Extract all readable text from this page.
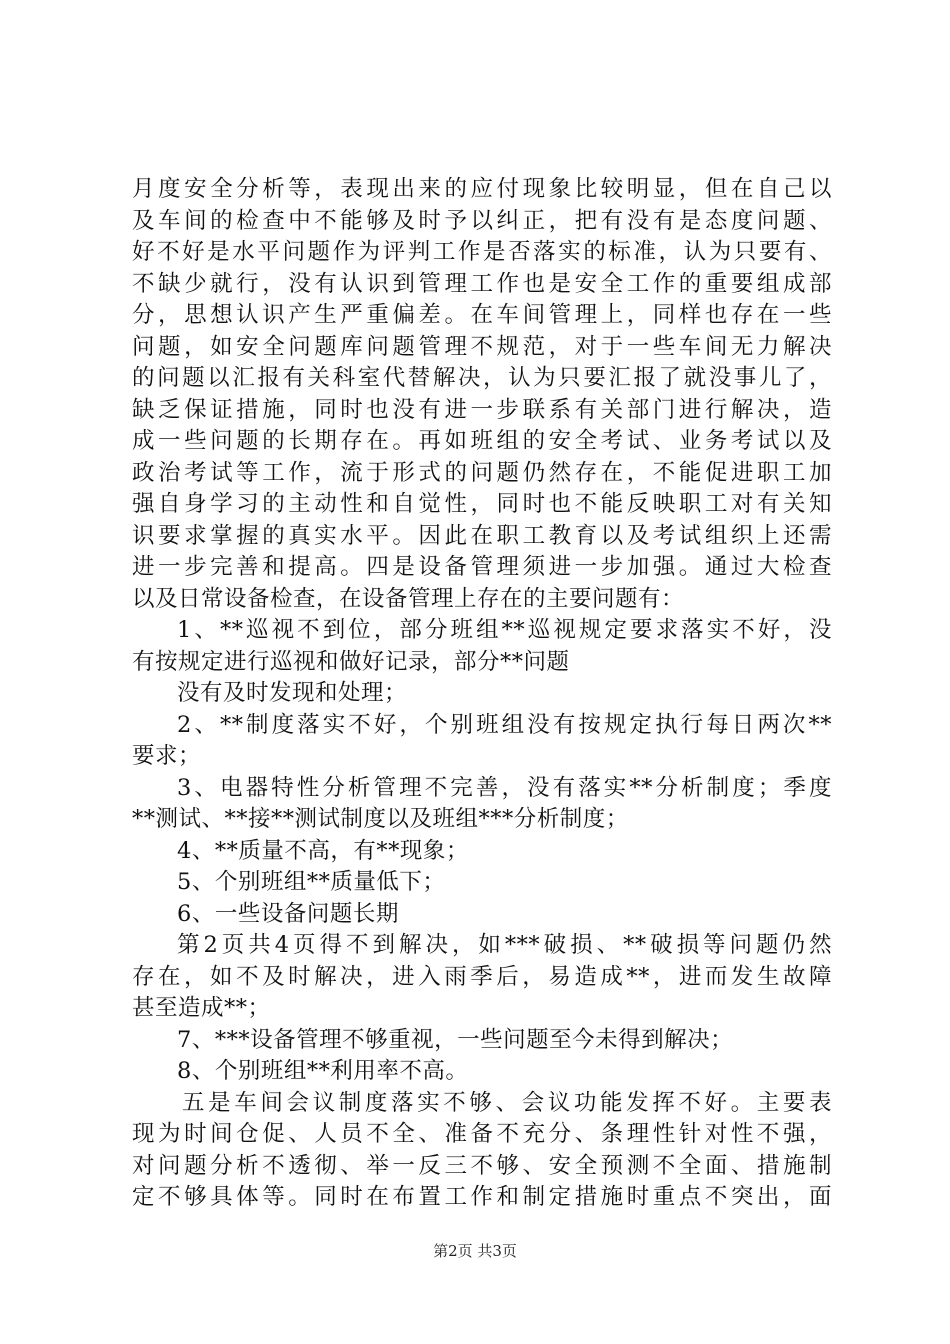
月度安全分析等，表现出来的应付现象比较明显，但在自己以
及车间的检查中不能够及时予以纠正，把有没有是态度问题、
好不好是水平问题作为评判工作是否落实的标准，认为只要有、
不缺少就行，没有认识到管理工作也是安全工作的重要组成部
分，思想认识产生严重偏差。在车间管理上，同样也存在一些
问题，如安全问题库问题管理不规范，对于一些车间无力解决
的问题以汇报有关科室代替解决，认为只要汇报了就没事儿了，
缺乏保证措施，同时也没有进一步联系有关部门进行解决，造
成一些问题的长期存在。再如班组的安全考试、业务考试以及
政治考试等工作，流于形式的问题仍然存在，不能促进职工加
强自身学习的主动性和自觉性，同时也不能反映职工对有关知
识要求掌握的真实水平。因此在职工教育以及考试组织上还需
进一步完善和提高。四是设备管理须进一步加强。通过大检查
以及日常设备检查，在设备管理上存在的主要问题有：
1、**巡视不到位，部分班组**巡视规定要求落实不好，没
有按规定进行巡视和做好记录，部分**问题
没有及时发现和处理；
2、**制度落实不好，个别班组没有按规定执行每日两次**
要求；
3、电器特性分析管理不完善，没有落实**分析制度；季度
**测试、**接**测试制度以及班组***分析制度；
4、**质量不高，有**现象；
5、个别班组**质量低下；
6、一些设备问题长期
第2页共4页得不到解决，如***破损、**破损等问题仍然
存在，如不及时解决，进入雨季后，易造成**，进而发生故障
甚至造成**；
7、***设备管理不够重视，一些问题至今未得到解决；
8、个别班组**利用率不高。
五是车间会议制度落实不够、会议功能发挥不好。主要表
现为时间仓促、人员不全、准备不充分、条理性针对性不强，
对问题分析不透彻、举一反三不够、安全预测不全面、措施制
定不够具体等。同时在布置工作和制定措施时重点不突出，面
第2页 共3页
